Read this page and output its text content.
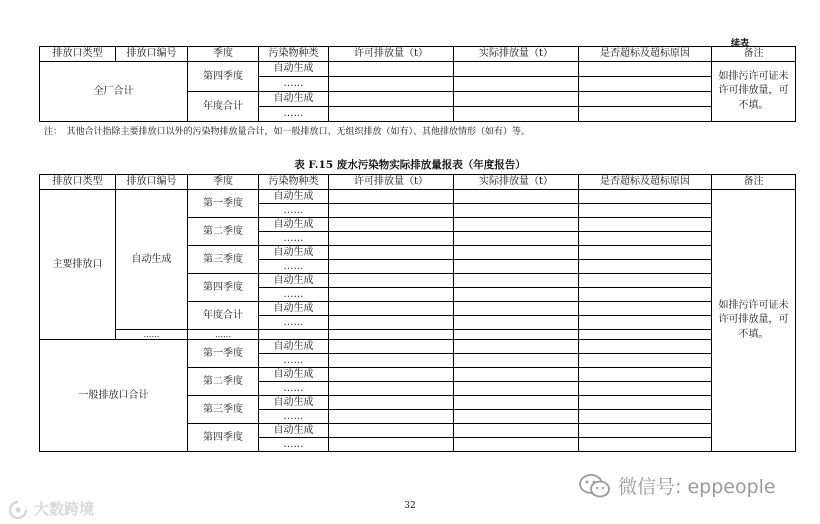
续表
排放口类型	排放口编号	季度	污染物种类	许可排放量（t）	实际排放量（t）	是否超标及超标原因	备注
全厂合计		第四季度	自动生成				如排污许可证未许可排放量，可不填。
			……				
		年度合计	自动生成				
			……				
注：　其他合计指除主要排放口以外的污染物排放量合计，如一般排放口、无组织排放（如有）、其他排放情形（如有）等。
表 F.15 废水污染物实际排放量报表（年度报告）
排放口类型	排放口编号	季度	污染物种类	许可排放量（t）	实际排放量（t）	是否超标及超标原因	备注
主要排放口	自动生成	第一季度	自动生成				如排污许可证未许可排放量，可不填。
			……				
		第二季度	自动生成				
			……				
		第三季度	自动生成				
			……				
		第四季度	自动生成				
			……				
		年度合计	自动生成				
			……				
	……	……					
一般排放口合计		第一季度	自动生成				
			……				
		第二季度	自动生成				
			……				
		第三季度	自动生成				
			……				
		第四季度	自动生成				
			……				
32
微信号: eppeople
大数跨境
